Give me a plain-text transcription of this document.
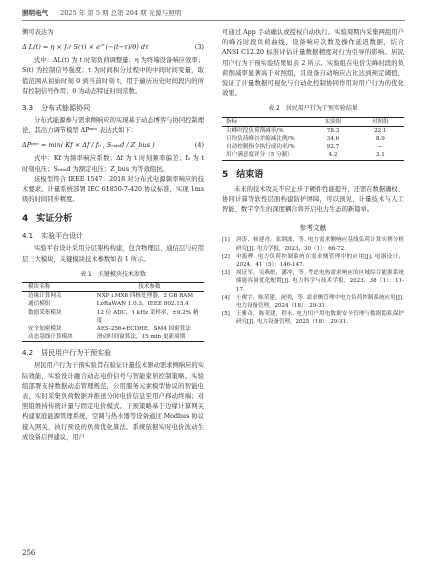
照明电气 2025 年 第 5 期 总第 204 期 光源与照明

侧可表达为

Δ L(t) = η × ∫₀ᵗ S(τ) × e^(−(t−τ)/θ) dτ	(3)

式中：ΔL(t) 为 t 时刻负荷调整量；η 为终端设备响应效率；S(t) 为控制信号强度；τ 为时间积分过程中的中间时间变量，取值范围从初始时刻 0 到当前时刻 t，用于遍历历史时间段内的所有控制信号作用；θ 为动态特征时间常数。

3.3 分布式能源协同

分布式能源参与需求侧响应的实现基于动态博弈与协同控制理论，其出力调节模型 ΔPᵍᵉⁿ 表达式如下：

ΔPᵍᵉⁿ = min( Kf × Δf / f₀ , Sᵣₐₜₑd / Z_bus )	(4)

式中：Kf 为频率响应系数；Δf 为 t 时刻频率偏差；f₀ 为 t 时刻电压；Sᵣₐₜₑd 为额定电压；Z_bus 为等效阻抗。

该模型符合 IEEE 1547：2018 对分布式电源频率响应的技术要求。计量系统部署 IEC 61850-7-420 协议标准，实现 1ms 级的时间同步精度。

4 实证分析
4.1 实验平台设计

实验平台设计采用分层架构构建，包含物理层、通信层与应用层三大模块，关键模块技术参数如表 1 所示。

表 1　关键模块技术参数
模块名称	技术参数
边缘计算网关	NXP i.MX8 四核处理器，2 GB RAM
通信模组	LoRaWAN 1.0.3，IEEE 802.15.4
数据采集模块	12 位 ADC，1 kHz 采样率，±0.2% 精度
安全加密模块	AES-256+ECDHE，SM4 国密算法
动态基线计算模块	滑动时间窗算法，15 min 更新周期
4.2 居民用户行为干预实验

居民用户行为干预实验旨在验证计量技术驱动需求侧响应的实际效能，实验设计融合动态电价信号与智能家居控制策略。实验组部署支持数据动态管理规范，公用服务元素模型协议的智能电表，实时采集负荷数据并推送分时电价信息至用户移动终端；对照组维持传统计量与固定电价模式。干预策略基于边缘计算网关构建家庭能源管理系统，空调与热水器等设备通过 Modbus 协议接入网关，执行预设的负荷优化算法。系统依据实时电价波动生成设备启停建议，用户

可通过 App 手动确认或授权自动执行。实验周期内采集两组用户的峰谷时段负荷曲线、设备响应次数及操作延迟数据，结合 ANSI C12.20 标准评估计量数据精度对行为引导的影响。居民用户行为干预实验结果如表 2 所示。实验组在电价尖峰时段的负荷削减率显著高于对照组，且设备自动响应占比达到预定阈值，验证了计量数据可视化与自动化控制协同作用对用户行为的优化效果。

表 2　居民用户行为干预实验结果
指标	实验组	对照组
尖峰时段负荷削减率/%	78.3	22.1
日均负荷峰谷差缩减比例/%	34.6	8.9
自动控制指令执行成功率/%	92.7	—
用户满意度评分（5 分制）	4.2	3.1
5 结束语

未来的技术攻关不应止步于硬件性能提升，还需在数据确权、协同计算等软性层面构建防护屏障，可以预见，计量技术与人工智能、数字孪生的深度耦合将开启电力生态的新篇章。

参考文献
[1]	唐涛，杨建青，张钢波，等. 电力需求侧响应基线负荷计算实例分析研究[J]. 电力学报，2023，30（1）：66-72.
[2]	申振桦. 电力负荷控制系统在需求侧管理中的应用[J]. 电器设计，2024，41（5）：146-147.
[3]	周证军，吴燕彪，潘冲，等. 考虑电热需求响应的区域综合能源系统储能容量优化配置[J]. 电力科学与技术学报，2023，38（1）：11-17.
[4]	王俊字，陈荣建，祝明，等. 需求侧管理中电力负荷控制系统应用[J]. 电力设备管理，2024（18）：29-31.
[5]	王雅奇，陈荣建，程永. 电力用户用电数据安全管理与数据隐私保护研究[J]. 电力设备管理，2025（18）：29-31.
256
